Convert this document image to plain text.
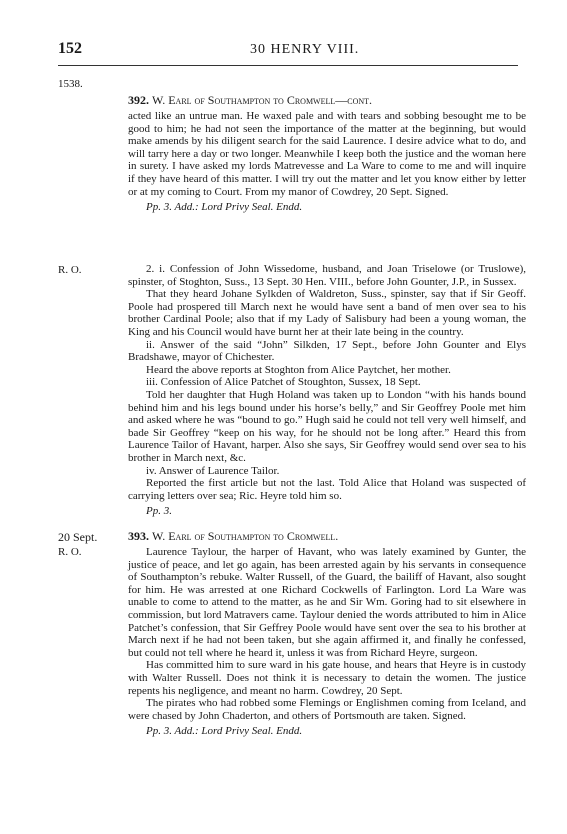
152	30 HENRY VIII.
1538.
R. O.
20 Sept.
R. O.
392. W. Earl of Southampton to Cromwell—cont.

acted like an untrue man. He waxed pale and with tears and sobbing besought me to be good to him; he had not seen the importance of the matter at the beginning, but would make amends by his diligent search for the said Laurence. I desire advice what to do, and will tarry here a day or two longer. Meanwhile I keep both the justice and the woman here in surety. I have asked my lords Matrevesse and La Ware to come to me and will inquire if they have heard of this matter. I will try out the matter and let you know either by letter or at my coming to Court. From my manor of Cowdrey, 20 Sept. Signed.

Pp. 3. Add.: Lord Privy Seal. Endd.

2. i. Confession of John Wissedome, husband, and Joan Triselowe (or Truslowe), spinster, of Stoghton, Suss., 13 Sept. 30 Hen. VIII., before John Gounter, J.P., in Sussex.

That they heard Johane Sylkden of Waldreton, Suss., spinster, say that if Sir Geoff. Poole had prospered till March next he would have sent a band of men over sea to his brother Cardinal Poole; also that if my Lady of Salisbury had been a young woman, the King and his Council would have burnt her at their late being in the country.

ii. Answer of the said “John” Silkden, 17 Sept., before John Gounter and Elys Bradshawe, mayor of Chichester.

Heard the above reports at Stoghton from Alice Paytchet, her mother.

iii. Confession of Alice Patchet of Stoughton, Sussex, 18 Sept.

Told her daughter that Hugh Holand was taken up to London “with his hands bound behind him and his legs bound under his horse’s belly,” and Sir Geoffrey Poole met him and asked where he was “bound to go.” Hugh said he could not tell very well himself, and bade Sir Geoffrey “keep on his way, for he should not be long after.” Heard this from Laurence Tailor of Havant, harper. Also she says, Sir Geoffrey would send over sea to his brother in March next, &c.

iv. Answer of Laurence Tailor.

Reported the first article but not the last. Told Alice that Holand was suspected of carrying letters over sea; Ric. Heyre told him so.

Pp. 3.

393. W. Earl of Southampton to Cromwell.

Laurence Taylour, the harper of Havant, who was lately examined by Gunter, the justice of peace, and let go again, has been arrested again by his servants in consequence of Southampton’s rebuke. Walter Russell, of the Guard, the bailiff of Havant, also sought for him. He was arrested at one Richard Cockwells of Farlington. Lord La Ware was unable to come to attend to the matter, as he and Sir Wm. Goring had to sit elsewhere in commission, but lord Matravers came. Taylour denied the words attributed to him in Alice Patchet’s confession, that Sir Geffrey Poole would have sent over the sea to his brother at March next if he had not been taken, but she again affirmed it, and finally he confessed, but could not tell where he heard it, unless it was from Richard Heyre, surgeon.

Has committed him to sure ward in his gate house, and hears that Heyre is in custody with Walter Russell. Does not think it is necessary to detain the women. The justice repents his negligence, and meant no harm. Cowdrey, 20 Sept.

The pirates who had robbed some Flemings or Englishmen coming from Iceland, and were chased by John Chaderton, and others of Portsmouth are taken. Signed.

Pp. 3. Add.: Lord Privy Seal. Endd.
